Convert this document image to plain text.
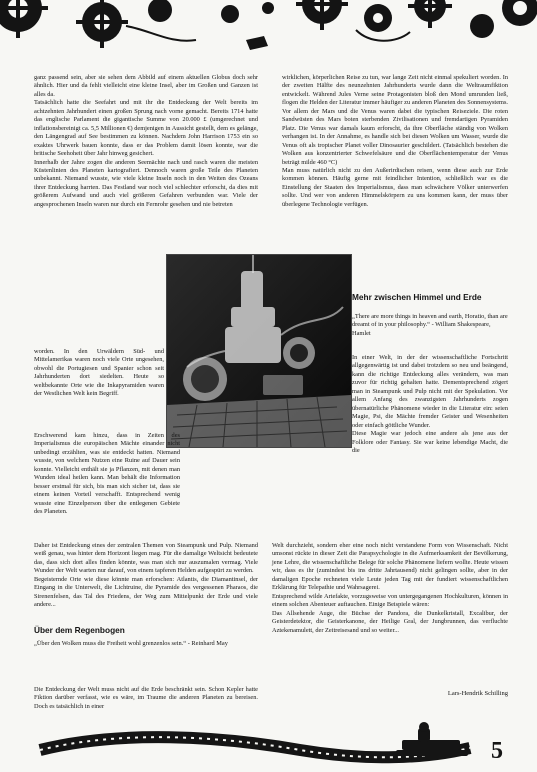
ganz passend sein, aber sie sehen dem Abbild auf einem aktuellen Globus doch sehr ähnlich. Hier und da fehlt vielleicht eine kleine Insel, aber im Großen und Ganzen ist alles da.

Tatsächlich hatte die Seefahrt und mit ihr die Entdeckung der Welt bereits im achtzehnten Jahrhundert einen großen Sprung nach vorne gemacht. Bereits 1714 hatte das englische Parlament die gigantische Summe von 20.000 £ (umgerechnet und inflationsbereinigt ca. 5,5 Millionen €) demjenigen in Aussicht gestellt, dem es gelänge, den Längengrad auf See bestimmen zu können. Nachdem John Harrison 1753 ein so exaktes Uhrwerk bauen konnte, dass er das Problem damit lösen konnte, war die britische Seehoheit über Jahr hinweg gesichert.

Innerhalb der Jahre zogen die anderen Seemächte nach und rasch waren die meisten Küstenlinien des Planeten kartografiert. Dennoch waren große Teile des Planeten unbekannt. Niemand wusste, wie viele kleine Inseln noch in den Weiten des Ozeans ihrer Entdeckung harrten. Das Festland war noch viel schlechter erforscht, da dies mit größerem Aufwand und auch viel größeren Gefahren verbunden war. Viele der angesprochenen Inseln waren nur durch ein Fernrohr gesehen und nie betreten

wirklichen, körperlichen Reise zu tun, war lange Zeit nicht einmal spekuliert worden. In der zweiten Hälfte des neunzehnten Jahrhunderts wurde dann die Weltraumfiktion entwickelt. Während Jules Verne seine Protagonisten bloß den Mond umrunden ließ, flogen die Helden der Literatur immer häufiger zu anderen Planeten des Sonnensystems. Vor allem der Mars und die Venus waren dabei die typischen Reiseziele. Die roten Sandwüsten des Mars boten sterbenden Zivilisationen und fremdartigen Pyramiden Platz. Die Venus war damals kaum erforscht, da ihre Oberfläche ständig von Wolken verhangen ist. In der Annahme, es handle sich bei diesen Wolken um Wasser, wurde die Venus oft als tropischer Planet voller Dinosaurier geschildert. (Tatsächlich bestehen die Wolken aus konzentrierter Schwefelsäure und die Oberflächentemperatur der Venus beträgt mildе 460 °C)

Man muss natürlich nicht zu den Außerirdischen reisen, wenn diese auch zur Erde kommen können. Häufig gerne mit feindlicher Intention, schließlich war es die Einstellung der Staaten des Imperialismus, dass man schwächere Völker unterwerfen sollte. Und wer von anderen Himmelskörpern zu uns kommen kann, der muss über überlegene Technologie verfügen.

worden. In den Urwäldern Süd- und Mittelamerikas waren noch viele Orte ungesehen, obwohl die Portugiesen und Spanier schon seit Jahrhunderten dort siedelten. Heute so weltbekannte Orte wie die Inkapyramiden waren der Westlichen Welt kein Begriff.
Mehr zwischen Himmel und Erde
„There are more things in heaven and earth, Horatio, than are dreamt of in your philosophy.“ - William Shakespeare, Hamlet

In einer Welt, in der der wissenschaftliche Fortschritt allgegenwärtig ist und dabei trotzdem so neu und beängend, kann die richtige Entdeckung alles verändern, was man zuvor für richtig gehalten hatte. Dementsprechend zögert man in Steampunk und Pulp nicht mit der Spekulation. Vor allem Anfang des zwanzigsten Jahrhunderts zogen übernatürliche Phänomene wieder in die Literatur ein: seien Magie, Psi, die Mächte fremder Geister und Wesenheiten oder einfach göttliche Wunder.

Diese Magie war jedoch eine andere als jene aus der Folklore oder Fantasy. Sie war keine lebendige Macht, die die

Erschwerend kam hinzu, dass in Zeiten des Imperialismus die europäischen Mächte einander nicht unbedingt erzählten, was sie entdeckt hatten. Niemand wusste, von welchem Nutzen eine Ruine auf Dauer sein konnte. Vielleicht enthält sie ja Pflanzen, mit denen man Wunden ideal heilen kann. Man behält die Information besser erstmal für sich, bis man sich sicher ist, dass sie einem keinen Vorteil verschafft. Entsprechend wenig wusste eine Einzelperson über die entlegenen Gebiete des Planeten.

Daher ist Entdeckung eines der zentralen Themen von Steampunk und Pulp. Niemand weiß genau, was hinter dem Horizont liegen mag. Für die damalige Weltsicht bedeutete das, dass sich dort alles finden könnte, was man sich nur auszumalen vermag. Viele Wunder der Welt warten nur darauf, von einem tapferen Helden aufgespürt zu werden.

Begeisternde Orte wie diese könnte man erforschen: Atlantis, die Diamantinsel, der Eingang in die Unterwelt, die Lichtruine, die Pyramide des vergessenen Pharaos, die Sirenenfelsen, das Tal des Friedens, der Weg zum Mittelpunkt der Erde und viele andere...

Welt durchzieht, sondern eher eine noch nicht verstandene Form von Wissenschaft. Nicht umsonst rückte in dieser Zeit die Parapsychologie in die Aufmerksamkeit der Bevölkerung, jene Lehre, die wissenschaftliche Belege für solche Phänomene liefern wollte. Heute wissen wir, dass es ihr (zumindest bis ins dritte Jahrtausend) nicht gelingen sollte, aber in der damaligen Epoche rechneten viele Leute jeden Tag mit der fundiert wissenschaftlichen Erklärung für Telepathie und Wahrsagerei.

Entsprechend wilde Artefakte, vorzugsweise von untergegangenen Hochkulturen, können in einem solchen Abenteuer auftauchen. Einige Beispiele wären:

Das Allsehende Auge, die Büchse der Pandora, die Dunkelkristall, Excalibur, der Geisterdetektor, die Geisterkanone, der Heilige Gral, der Jungbrunnen, das verfluchte Aztekenamulett, der Zeitreisesand und so weiter...

Über dem Regenbogen
„Über den Wolken muss die Freiheit wohl grenzenlos sein.“ - Reinhard May
Die Entdeckung der Welt muss nicht auf die Erde beschränkt sein. Schon Kepler hatte Fiktion darüber verfasst, wie es wäre, im Traume die anderen Planeten zu bereisen. Doch es tatsächlich in einer
Lars-Hendrik Schilling
5
